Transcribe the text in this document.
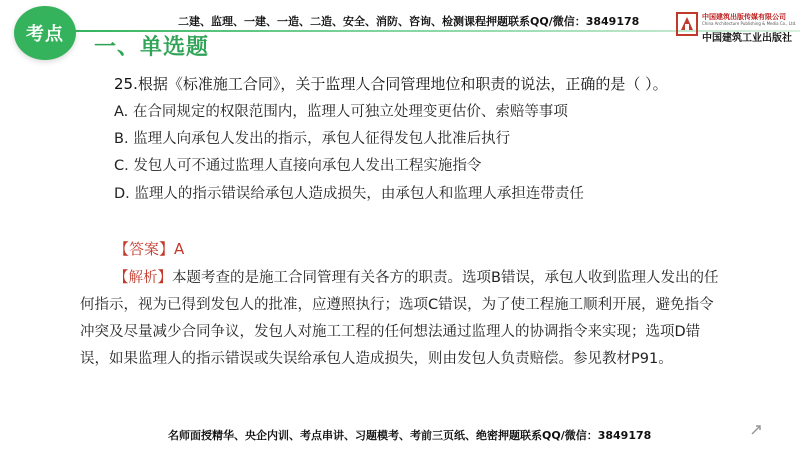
考点
一、单选题
二建、监理、一建、一造、二造、安全、消防、咨询、检测课程押题联系QQ/微信：3849178	中国建筑出版传媒有限公司
China Architecture Publishing & Media Co., Ltd.
中国建筑工业出版社
25.根据《标准施工合同》，关于监理人合同管理地位和职责的说法，正确的是（ ）。
A. 在合同规定的权限范围内，监理人可独立处理变更估价、索赔等事项
B. 监理人向承包人发出的指示，承包人征得发包人批准后执行
C. 发包人可不通过监理人直接向承包人发出工程实施指令
D. 监理人的指示错误给承包人造成损失，由承包人和监理人承担连带责任
【答案】A
【解析】本题考查的是施工合同管理有关各方的职责。选项B错误，承包人收到监理人发出的任何指示，视为已得到发包人的批准，应遵照执行；选项C错误，为了使工程施工顺利开展，避免指令冲突及尽量减少合同争议，发包人对施工工程的任何想法通过监理人的协调指令来实现；选项D错误，如果监理人的指示错误或失误给承包人造成损失，则由发包人负责赔偿。参见教材P91。
名师面授精华、央企内训、考点串讲、习题模考、考前三页纸、绝密押题联系QQ/微信：3849178
